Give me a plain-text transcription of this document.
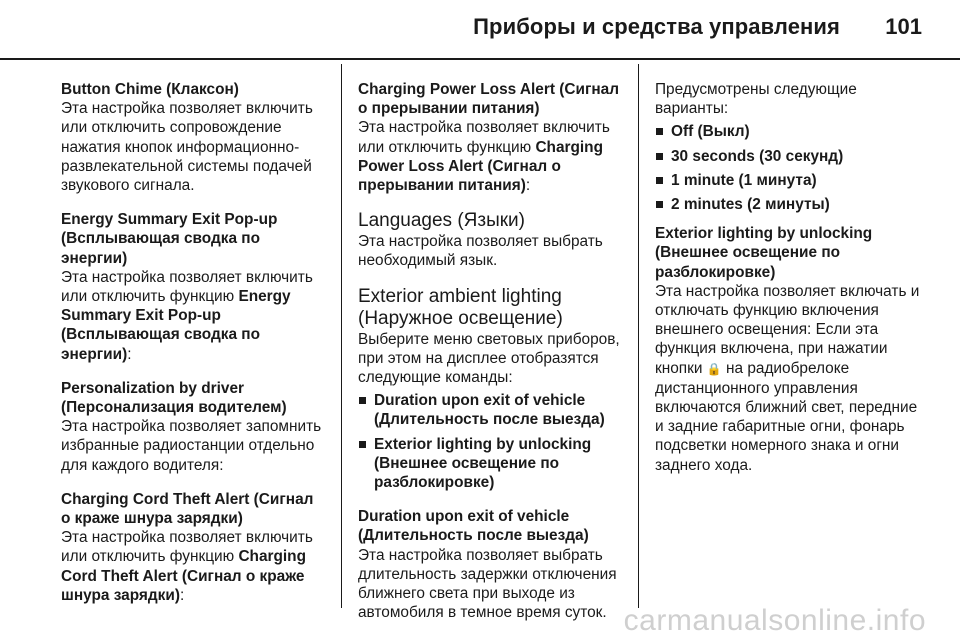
Приборы и средства управления 101
Button Chime (Клаксон)
Эта настройка позволяет включить или отключить сопровождение нажатия кнопок информационно-развлекательной системы подачей звукового сигнала.
Energy Summary Exit Pop-up (Всплывающая сводка по энергии)
Эта настройка позволяет включить или отключить функцию Energy Summary Exit Pop-up (Всплывающая сводка по энергии):
Personalization by driver (Персонализация водителем)
Эта настройка позволяет запомнить избранные радиостанции отдельно для каждого водителя:
Charging Cord Theft Alert (Сигнал о краже шнура зарядки)
Эта настройка позволяет включить или отключить функцию Charging Cord Theft Alert (Сигнал о краже шнура зарядки):
Charging Power Loss Alert (Сигнал о прерывании питания)
Эта настройка позволяет включить или отключить функцию Charging Power Loss Alert (Сигнал о прерывании питания):
Languages (Языки)
Эта настройка позволяет выбрать необходимый язык.
Exterior ambient lighting (Наружное освещение)
Выберите меню световых приборов, при этом на дисплее отобразятся следующие команды:
Duration upon exit of vehicle (Длительность после выезда)
Exterior lighting by unlocking (Внешнее освещение по разблокировке)
Duration upon exit of vehicle (Длительность после выезда)
Эта настройка позволяет выбрать длительность задержки отключения ближнего света при выходе из автомобиля в темное время суток.
Предусмотрены следующие варианты:
Off (Выкл)
30 seconds (30 секунд)
1 minute (1 минута)
2 minutes (2 минуты)
Exterior lighting by unlocking (Внешнее освещение по разблокировке)
Эта настройка позволяет включать и отключать функцию включения внешнего освещения: Если эта функция включена, при нажатии кнопки 🔒 на радиобрелоке дистанционного управления включаются ближний свет, передние и задние габаритные огни, фонарь подсветки номерного знака и огни заднего хода.
carmanualsonline.info
